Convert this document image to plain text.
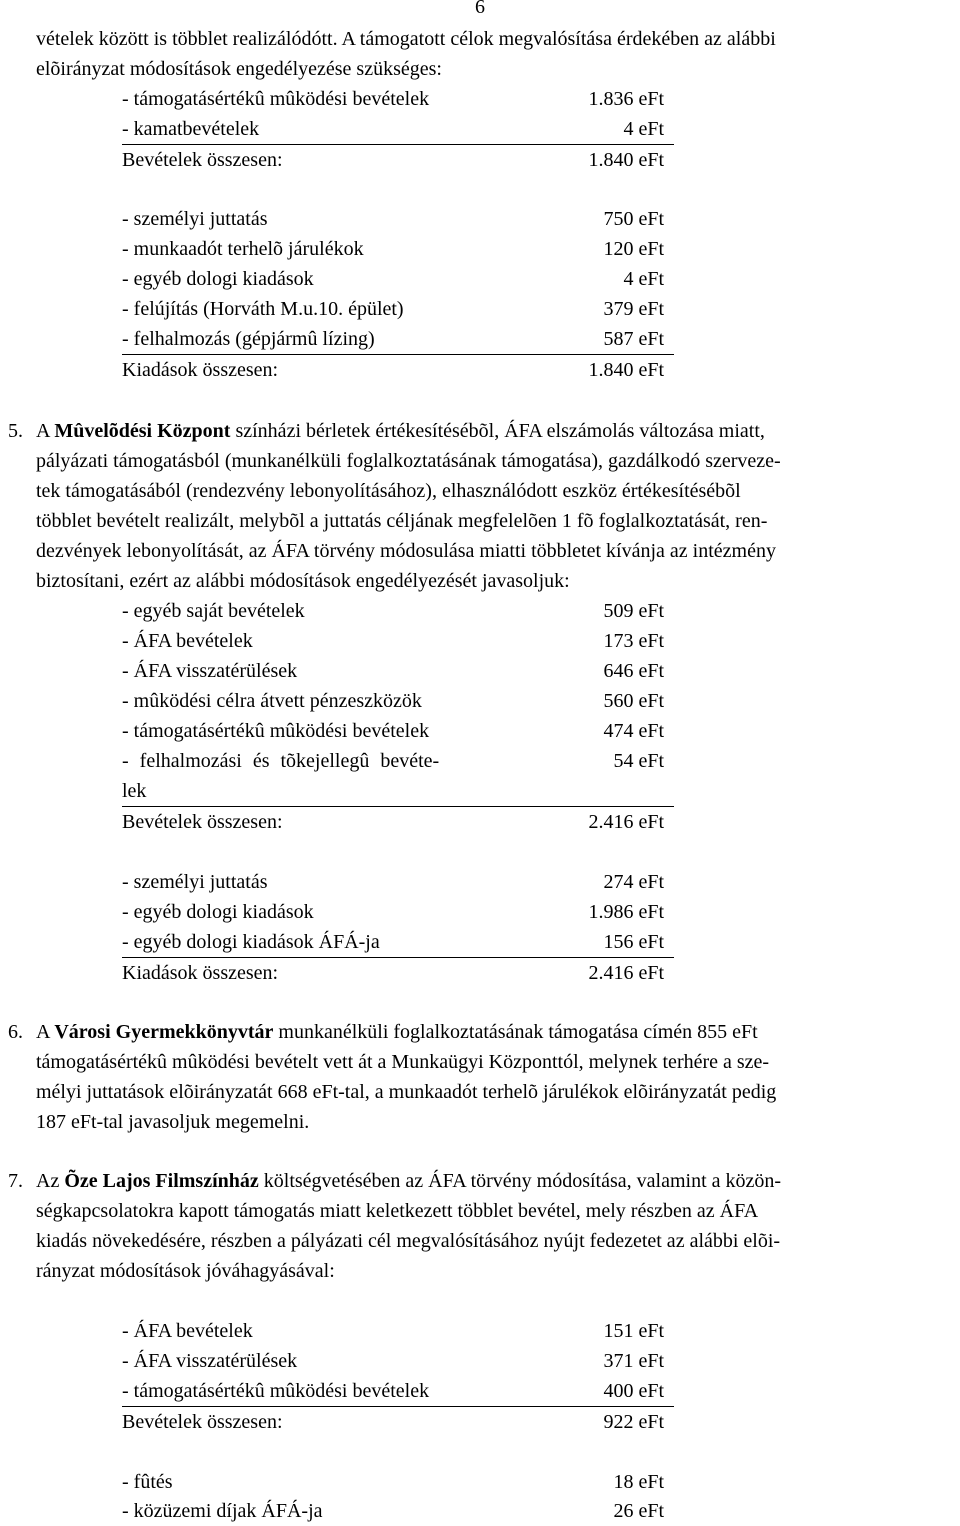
6
vételek között is többlet realizálódótt. A támogatott célok megvalósítása érdekében az alábbi
elõirányzat módosítások engedélyezése szükséges:
- támogatásértékû mûködési bevételek	1.836 eFt
- kamatbevételek	4 eFt
Bevételek összesen:	1.840 eFt
- személyi juttatás	750 eFt
- munkaadót terhelõ járulékok	120 eFt
- egyéb dologi kiadások	4 eFt
- felújítás (Horváth M.u.10. épület)	379 eFt
- felhalmozás (gépjármû lízing)	587 eFt
Kiadások összesen:	1.840 eFt
5. A Mûvelõdési Központ színházi bérletek értékesítésébõl, ÁFA elszámolás változása miatt,
pályázati támogatásból (munkanélküli foglalkoztatásának támogatása), gazdálkodó szerveze-
tek támogatásából (rendezvény lebonyolításához), elhasználódott eszköz értékesítésébõl
többlet bevételt realizált, melybõl a juttatás céljának megfelelõen 1 fõ foglalkoztatását, ren-
dezvények lebonyolítását, az ÁFA törvény módosulása miatti többletet kívánja az intézmény
biztosítani, ezért az alábbi módosítások engedélyezését javasoljuk:
- egyéb saját bevételek	509 eFt
- ÁFA bevételek	173 eFt
- ÁFA visszatérülések	646 eFt
- mûködési célra átvett pénzeszközök	560 eFt
- támogatásértékû mûködési bevételek	474 eFt
- felhalmozási és tõkejellegû bevéte-	54 eFt
lek
Bevételek összesen:	2.416 eFt
- személyi juttatás	274 eFt
- egyéb dologi kiadások	1.986 eFt
- egyéb dologi kiadások ÁFÁ-ja	156 eFt
Kiadások összesen:	2.416 eFt
6. A Városi Gyermekkönyvtár munkanélküli foglalkoztatásának támogatása címén 855 eFt
támogatásértékû mûködési bevételt vett át a Munkaügyi Központtól, melynek terhére a sze-
mélyi juttatások elõirányzatát 668 eFt-tal, a munkaadót terhelõ járulékok elõirányzatát pedig
187 eFt-tal javasoljuk megemelni.
7. Az Õze Lajos Filmszínház költségvetésében az ÁFA törvény módosítása, valamint a közön-
ségkapcsolatokra kapott támogatás miatt keletkezett többlet bevétel, mely részben az ÁFA
kiadás növekedésére, részben a pályázati cél megvalósításához nyújt fedezetet az alábbi elõi-
rányzat módosítások jóváhagyásával:
- ÁFA bevételek	151 eFt
- ÁFA visszatérülések	371 eFt
- támogatásértékû mûködési bevételek	400 eFt
Bevételek összesen:	922 eFt
- fûtés	18 eFt
- közüzemi díjak ÁFÁ-ja	26 eFt
